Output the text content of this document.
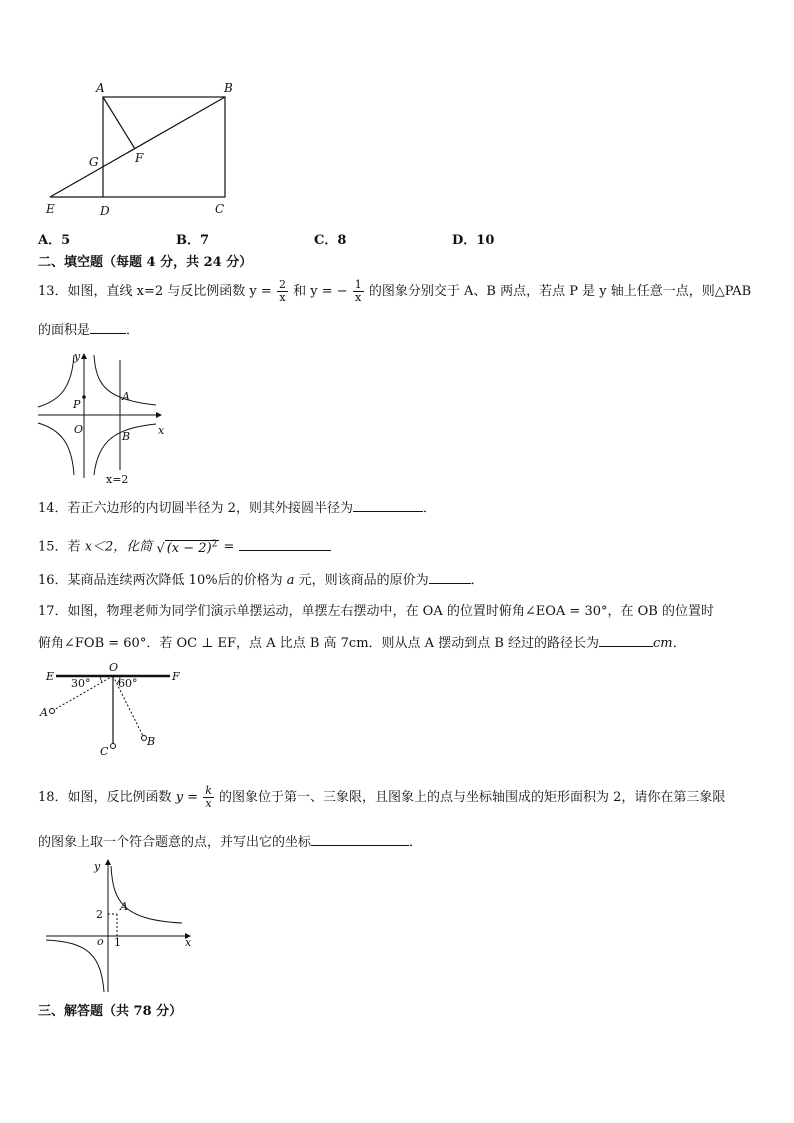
A	B
G	F
E	D	C
A．5	B．7	C．8	D．10
二、填空题（每题 4 分，共 24 分）
13．如图，直线 x=2 与反比例函数 $y = \frac{2}{x}$ 和 y = − $\frac{1}{x}$ 的图象分别交于 A、B 两点，若点 P 是 y 轴上任意一点，则△PAB
的面积是	．
y
P
A
O
B	x
x=2
14．若正六边形的内切圆半径为 2，则其外接圆半径为	．
15．若 x＜2，化简 √ $(x - 2)^2$ =
16．某商品连续两次降低 10%后的价格为 a 元，则该商品的原价为	．
17．如图，物理老师为同学们演示单摆运动，单摆左右摆动中，在 OA 的位置时俯角∠EOA = 30°，在 OB 的位置时
俯角∠FOB = 60°．若 OC ⊥ EF，点 A 比点 B 高 7cm．则从点 A 摆动到点 B 经过的路径长为	cm．
E
O
F
30°	60°
A
B
C
18．如图，反比例函数 $y = \frac{k}{x}$ 的图象位于第一、三象限，且图象上的点与坐标轴围成的矩形面积为 2，请你在第三象限
的图象上取一个符合题意的点，并写出它的坐标	．
y
2
A
o 1	x
三、解答题（共 78 分）
